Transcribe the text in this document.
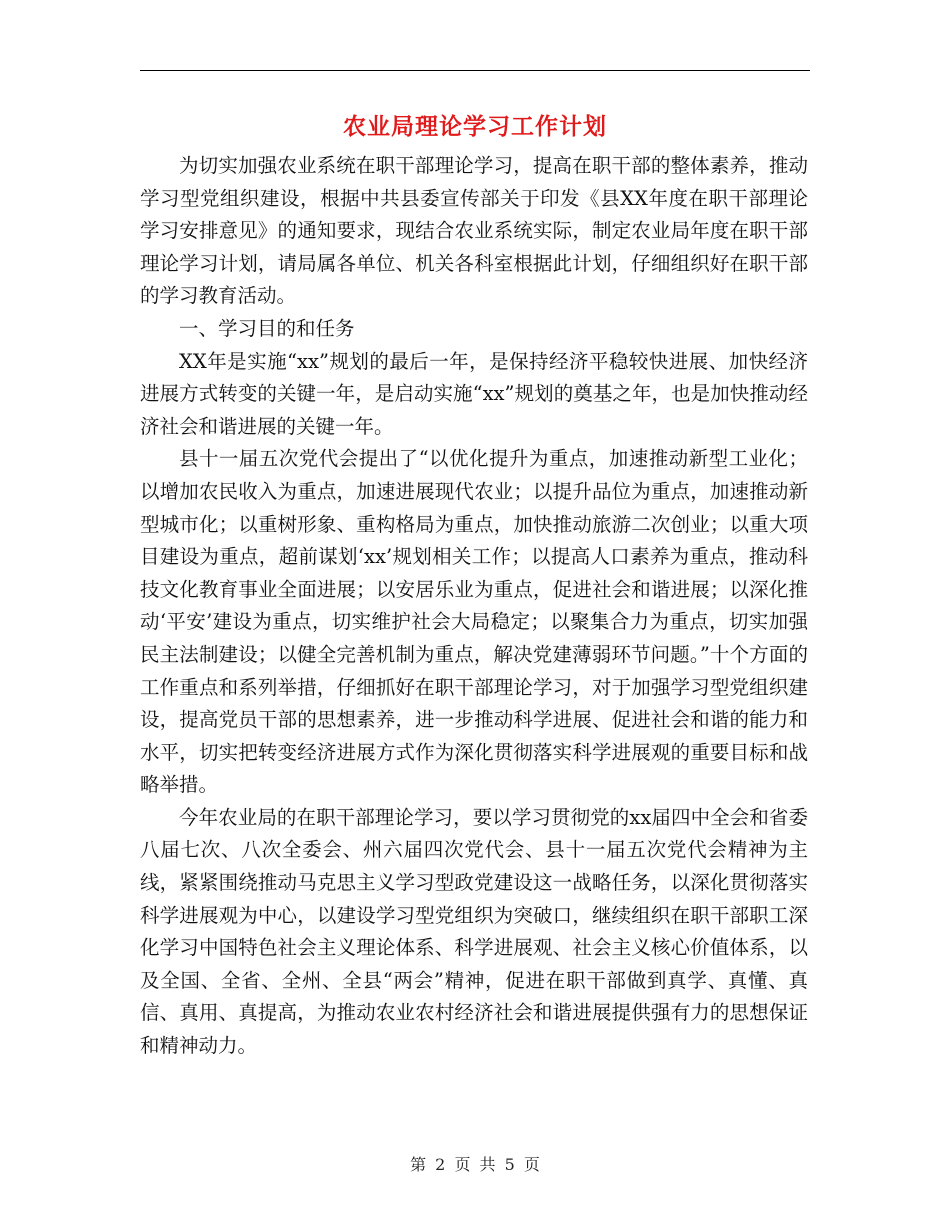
农业局理论学习工作计划

为切实加强农业系统在职干部理论学习，提高在职干部的整体素养，推动学习型党组织建设，根据中共县委宣传部关于印发《县XX年度在职干部理论学习安排意见》的通知要求，现结合农业系统实际，制定农业局年度在职干部理论学习计划，请局属各单位、机关各科室根据此计划，仔细组织好在职干部的学习教育活动。

一、学习目的和任务

XX年是实施“xx”规划的最后一年，是保持经济平稳较快进展、加快经济进展方式转变的关键一年，是启动实施“xx”规划的奠基之年，也是加快推动经济社会和谐进展的关键一年。

县十一届五次党代会提出了“以优化提升为重点，加速推动新型工业化；以增加农民收入为重点，加速进展现代农业；以提升品位为重点，加速推动新型城市化；以重树形象、重构格局为重点，加快推动旅游二次创业；以重大项目建设为重点，超前谋划‘xx’规划相关工作；以提高人口素养为重点，推动科技文化教育事业全面进展；以安居乐业为重点，促进社会和谐进展；以深化推动‘平安’建设为重点，切实维护社会大局稳定；以聚集合力为重点，切实加强民主法制建设；以健全完善机制为重点，解决党建薄弱环节问题。”十个方面的工作重点和系列举措，仔细抓好在职干部理论学习，对于加强学习型党组织建设，提高党员干部的思想素养，进一步推动科学进展、促进社会和谐的能力和水平，切实把转变经济进展方式作为深化贯彻落实科学进展观的重要目标和战略举措。

今年农业局的在职干部理论学习，要以学习贯彻党的xx届四中全会和省委八届七次、八次全委会、州六届四次党代会、县十一届五次党代会精神为主线，紧紧围绕推动马克思主义学习型政党建设这一战略任务，以深化贯彻落实科学进展观为中心，以建设学习型党组织为突破口，继续组织在职干部职工深化学习中国特色社会主义理论体系、科学进展观、社会主义核心价值体系，以及全国、全省、全州、全县“两会”精神，促进在职干部做到真学、真懂、真信、真用、真提高，为推动农业农村经济社会和谐进展提供强有力的思想保证和精神动力。

第 2 页 共 5 页
